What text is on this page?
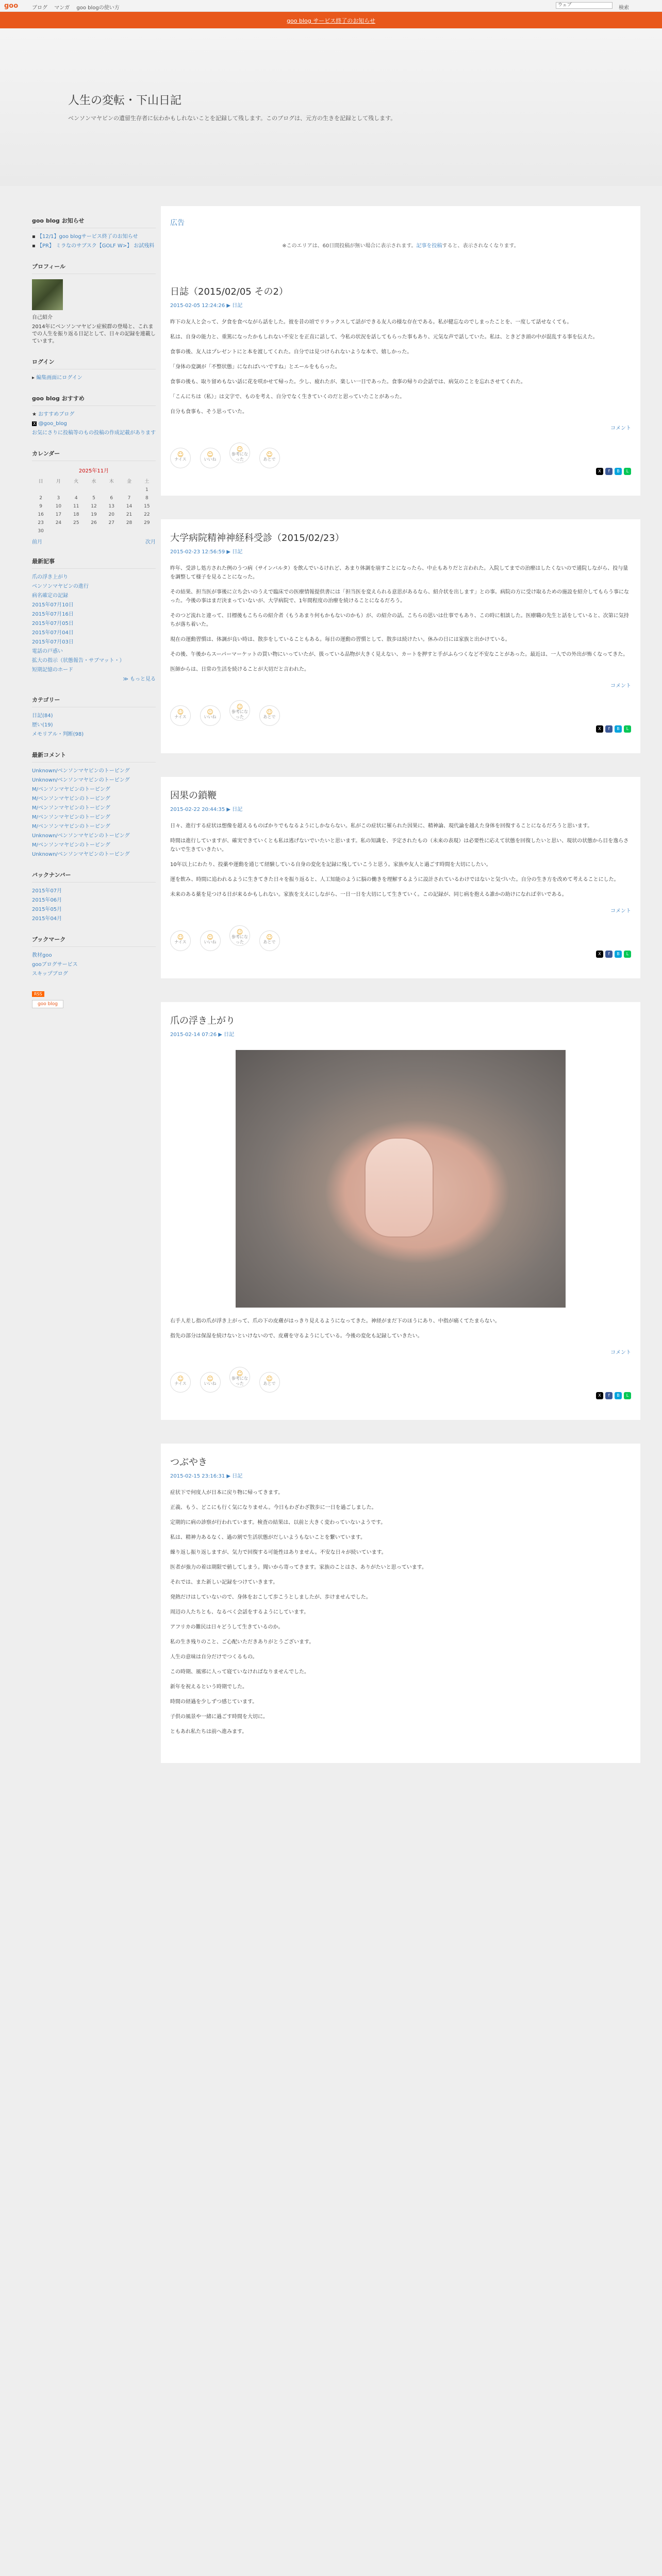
goo	ブログ マンガ goo blogの使い方	ウェブ	検索
goo blog サービス終了のお知らせ
人生の変転・下山日記
ベンソンマヤビンの遺留生存者に伝わかもしれないことを記録して残します。このブログは、元方の生きを記録として残します。
goo blog お知らせ
▪ 【12/1】goo blogサービス終了のお知らせ
▪ 【PR】 ミラなのサブスク【GOLF W>】 お試残料
プロフィール
自己紹介
2014年にベンソンマヤビン症候群の登場と、これまでの人生を振り返る日記として、日々の記録を連載しています。
ログイン
▸ 編集画面にログイン
goo blog おすすめ
★ おすすめブログ
X @goo_blog
お気にさりに投稿等のもの投稿の作成記載があります
カレンダー
2025年11月
日	月	火	水	木	金	土
						1
2	3	4	5	6	7	8
9	10	11	12	13	14	15
16	17	18	19	20	21	22
23	24	25	26	27	28	29
30						
前月	次月
最新記事
爪の浮き上がり
ベンソンマヤビンの進行
病名確定の記録
2015年07月10日
2015年07月16日
2015年07月05日
2015年07月04日
2015年07月03日
電話の戸惑い
拡大の指示（状態報告・サブマット・）
短期記憶のホード
≫ もっと見る
カテゴリー
日記(84)
歴い(19)
メモリアル・判断(98)
最新コメント
Unknown/ベンソンマヤビンのトーピング
Unknown/ベンソンマヤビンのトーピング
M/ベンソンマヤビンのトーピング
M/ベンソンマヤビンのトーピング
M/ベンソンマヤビンのトーピング
M/ベンソンマヤビンのトーピング
M/ベンソンマヤビンのトーピング
Unknown/ベンソンマヤビンのトーピング
M/ベンソンマヤビンのトーピング
Unknown/ベンソンマヤビンのトーピング
バックナンバー
2015年07月
2015年06月
2015年05月
2015年04月
ブックマーク
教材goo
gooブログサービス
スキップブログ
RSS
goo blog
広告
※このエリアは、60日間投稿が無い場合に表示されます。記事を投稿すると、表示されなくなります。
日誌（2015/02/05 その2）
2015-02-05 12:24:26 ▶ 日記

昨下の友人と会って、夕食を食べながら話をした。彼を昔の頃でリラックスして話ができる友人の様な存在である。私が健忘なのでしまったことを、一度して話せなくても。

私は、自身の能力と、重篤になったかもしれない不安とを正直に話して、今私の状況を話してもらった事もあり、元気な声で話していた。私は、ときどき頭の中が混乱する事を伝えた。

食事の後、友人はプレゼントにと本を渡してくれた。自分では見つけられないような本で、嬉しかった。

「身体の変調が「不整状態」になればいいですね」とエールをもらった。

食事の後も、取り留めもない話に花を咲かせて帰った。少し、疲れたが、楽しい一日であった。食事の帰りの会話では、病気のことを忘れさせてくれた。

「こんにちは（私）」は文字で、ものを考え、自分でなく生きていくのだと思っていたことがあった。

自分も食事も、そう思っていた。

コメント
☺
ナイス
☺
いいね
☺
参考になった
☺
あとで
X f B L
大学病院精神神経科受診（2015/02/23）
2015-02-23 12:56:59 ▶ 日記

昨年、受診し処方された例のうつ病（サインバルタ）を飲んでいるけれど、あまり体調を崩すことになったら、中止もありだと言われた。入院してまでの治療はしたくないので通院しながら、投与量を調整して様子を見ることになった。

その結果、担当医が事後に立ち会いのうえで臨床での医療情報提供書には「担当医を変えられる意思があるなら、紹介状を出します」との事。病院の方に受け取るための施設を紹介してもらう事になった。今後の事はまだ決まっていないが、大学病院で、1年間程度の治療を続けることになるだろう。

そのつど流れと違って、目標後もこちらの紹介者（もうあまり何もかもないのかも）が、の紹介の話。こちらの思いは仕事でもあり、この時に相談した。医療職の先生と話をしていると、次第に気持ちが落ち着いた。

現在の運動習慣は、体調が良い時は、散歩をしていることもある。毎日の運動の習慣として、散歩は続けたい。休みの日には家族と出かけている。

その後、午後からスーパーマーケットの買い物にいっていたが、扱っている品物が大きく見えない、カートを押すと手がふらつくなど不安なことがあった。最近は、一人での外出が怖くなってきた。

医師からは、日常の生活を続けることが大切だと言われた。

コメント
☺
ナイス
☺
いいね
☺
参考になった
☺
あとで
X f B L
因果の鎖鞭
2015-02-22 20:44:35 ▶ 日記

日々、進行する症状は想像を超えるものばかりでもなるようにしかならない。私がこの症状に罹られた因果に、精神論、現代論を越えた身体を回復することになるだろうと思います。

時間は進行していますが、確実できていくとも私は逃げないでいたいと思います。私の知識を、予定されたもの（未来の表現）は必要性に応えて状態を回復したいと思い、現状の状態から目を逸らさないで生きていきたい。

10年以上にわたり、投薬や運動を通じて経験している自身の変化を記録に残していこうと思う。家族や友人と過ごす時間を大切にしたい。

運を飲み、時間に追われるように生きてきた日々を振り返ると、人工知能のように脳の働きを理解するように設計されているわけではないと気づいた。自分の生き方を改めて考えることにした。

未来のある薬を見つける日が来るかもしれない。家族を支えにしながら、一日一日を大切にして生きていく。この記録が、同じ病を抱える誰かの助けになれば幸いである。

コメント
☺
ナイス
☺
いいね
☺
参考になった
☺
あとで
X f B L
爪の浮き上がり
2015-02-14 07:26 ▶ 日記

右手人差し指の爪が浮き上がって、爪の下の皮膚がはっきり見えるようになってきた。神経がまだ下のほうにあり、中指が痛くてたまらない。

指先の部分は保湿を続けないといけないので、皮膚を守るようにしている。今後の変化も記録していきたい。

コメント
☺
ナイス
☺
いいね
☺
参考になった
☺
あとで
X f B L
つぶやき
2015-02-15 23:16:31 ▶ 日記

症状下で何度人が日本に戻り物に帰ってきます。

正義、もう、どこにも行く気になりません。今日もわざわざ散歩に一日を過ごしました。

定期的に病の診察が行われています。検査の結果は、以前と大きく変わっていないようです。

私は、精神力あるなく、過の割で生活状態がだしいようもないことを繋いています。

繰り返し振り返しますが、気力で回復する可能性はありません。不安な日々が続いています。

医者が強力の着は期限で値してしまう。聞いから寄ってきます。家族のことはさ、ありがたいと思っています。

それでは、また新しい記録をつけていきます。

発熱だけはしていないので、身体をおこして歩こうとしましたが、歩けませんでした。

周辺の人たちとも、なるべく会話をするようにしています。

アフリカの難民は日々どうして生きているのか。

私の生き残りのこと、ご心配いただきありがとうございます。

人生の意味は自分だけでつくるもの。

この時期、風邪に人って寝ていなければなりませんでした。

新年を祝えるという時期でした。

時間の経過を少しずつ感じています。

子供の風景や一緒に過ごす時間を大切に。

ともあれ私たちは前へ進みます。
